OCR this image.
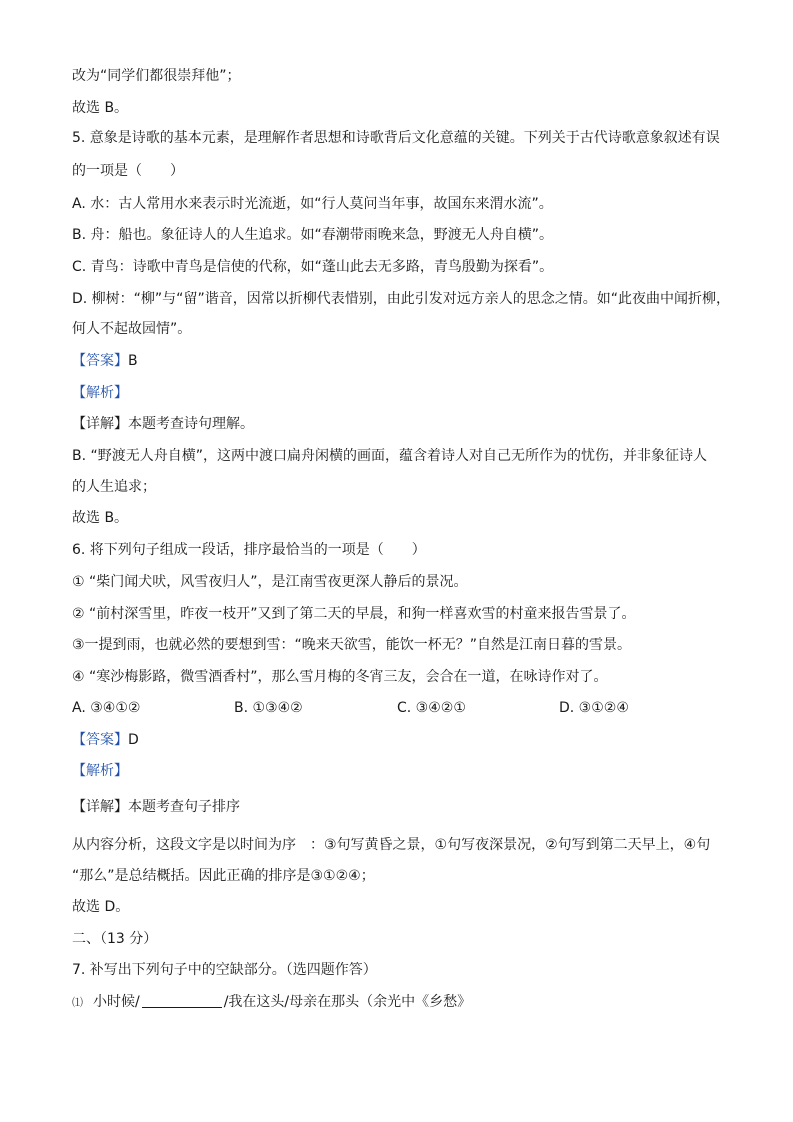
改为“同学们都很崇拜他”；

故选 B。

5. 意象是诗歌的基本元素，是理解作者思想和诗歌背后文化意蕴的关键。下列关于古代诗歌意象叙述有误

的一项是（　　）

A. 水：古人常用水来表示时光流逝，如“行人莫问当年事，故国东来渭水流”。

B. 舟：船也。象征诗人的人生追求。如“春潮带雨晚来急，野渡无人舟自横”。

C. 青鸟：诗歌中青鸟是信使的代称，如“蓬山此去无多路，青鸟殷勤为探看”。

D. 柳树：“柳”与“留”谐音，因常以折柳代表惜别，由此引发对远方亲人的思念之情。如“此夜曲中闻折柳，

何人不起故园情”。

【答案】B

【解析】

【详解】本题考查诗句理解。

B. “野渡无人舟自横”，这两中渡口扁舟闲横的画面，蕴含着诗人对自己无所作为的忧伤，并非象征诗人

的人生追求；

故选 B。

6. 将下列句子组成一段话，排序最恰当的一项是（　　）

① “柴门闻犬吠，风雪夜归人”，是江南雪夜更深人静后的景况。

② “前村深雪里，昨夜一枝开”又到了第二天的早晨，和狗一样喜欢雪的村童来报告雪景了。

③一提到雨，也就必然的要想到雪：“晚来天欲雪，能饮一杯无？”自然是江南日暮的雪景。

④ “寒沙梅影路，微雪酒香村”，那么雪月梅的冬宵三友，会合在一道，在咏诗作对了。

A. ③④①②	B. ①③④②	C. ③④②①	D. ③①②④

【答案】D

【解析】

【详解】本题考查句子排序

从内容分析，这段文字是以时间为序　：③句写黄昏之景，①句写夜深景况，②句写到第二天早上，④句

“那么”是总结概括。因此正确的排序是③①②④；

故选 D。

二、（13 分）

7. 补写出下列句子中的空缺部分。（选四题作答）

⑴ 小时候/	/我在这头/母亲在那头（余光中《乡愁》
